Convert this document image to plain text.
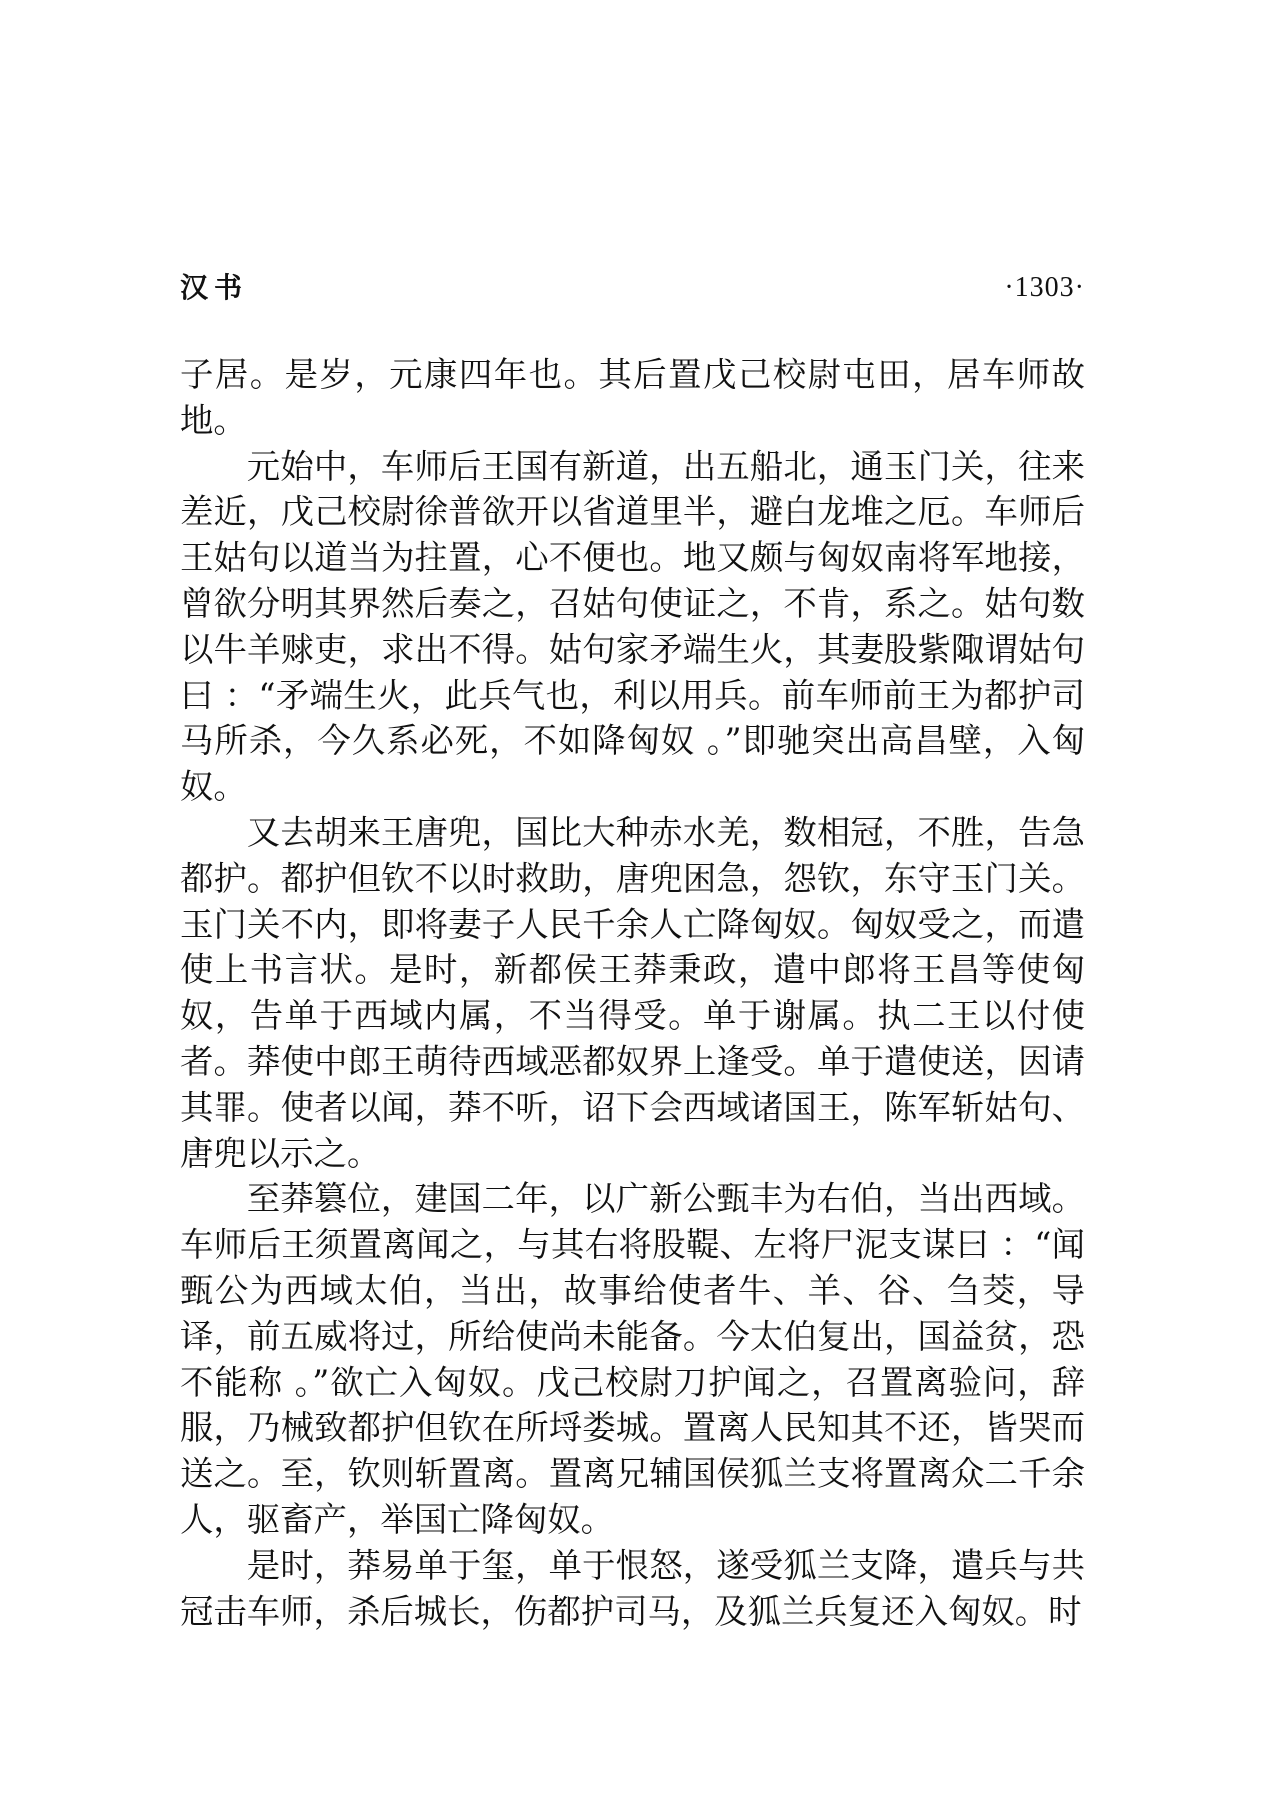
汉书	·1303·

子居。是岁，元康四年也。其后置戊己校尉屯田，居车师故地。

元始中，车师后王国有新道，出五船北，通玉门关，往来差近，戊己校尉徐普欲开以省道里半，避白龙堆之厄。车师后王姑句以道当为拄置，心不便也。地又颇与匈奴南将军地接，曾欲分明其界然后奏之，召姑句使证之，不肯，系之。姑句数以牛羊赇吏，求出不得。姑句家矛端生火，其妻股紫陬谓姑句曰 ：“矛端生火，此兵气也，利以用兵。前车师前王为都护司马所杀，今久系必死，不如降匈奴 。”即驰突出高昌壁，入匈奴。

又去胡来王唐兜，国比大种赤水羌，数相冠，不胜，告急都护。都护但钦不以时救助，唐兜困急，怨钦，东守玉门关。玉门关不内，即将妻子人民千余人亡降匈奴。匈奴受之，而遣使上书言状。是时，新都侯王莽秉政，遣中郎将王昌等使匈奴，告单于西域内属，不当得受。单于谢属。执二王以付使者。莽使中郎王萌待西域恶都奴界上逢受。单于遣使送，因请其罪。使者以闻，莽不听，诏下会西域诸国王，陈军斩姑句、唐兜以示之。

至莽篡位，建国二年，以广新公甄丰为右伯，当出西域。车师后王须置离闻之，与其右将股鞮、左将尸泥支谋曰 ：“闻甄公为西域太伯，当出，故事给使者牛、羊、谷、刍茭，导译，前五威将过，所给使尚未能备。今太伯复出，国益贫，恐不能称 。”欲亡入匈奴。戊己校尉刀护闻之，召置离验问，辞服，乃械致都护但钦在所埒娄城。置离人民知其不还，皆哭而送之。至，钦则斩置离。置离兄辅国侯狐兰支将置离众二千余人，驱畜产，举国亡降匈奴。

是时，莽易单于玺，单于恨怒，遂受狐兰支降，遣兵与共冠击车师，杀后城长，伤都护司马，及狐兰兵复还入匈奴。时
